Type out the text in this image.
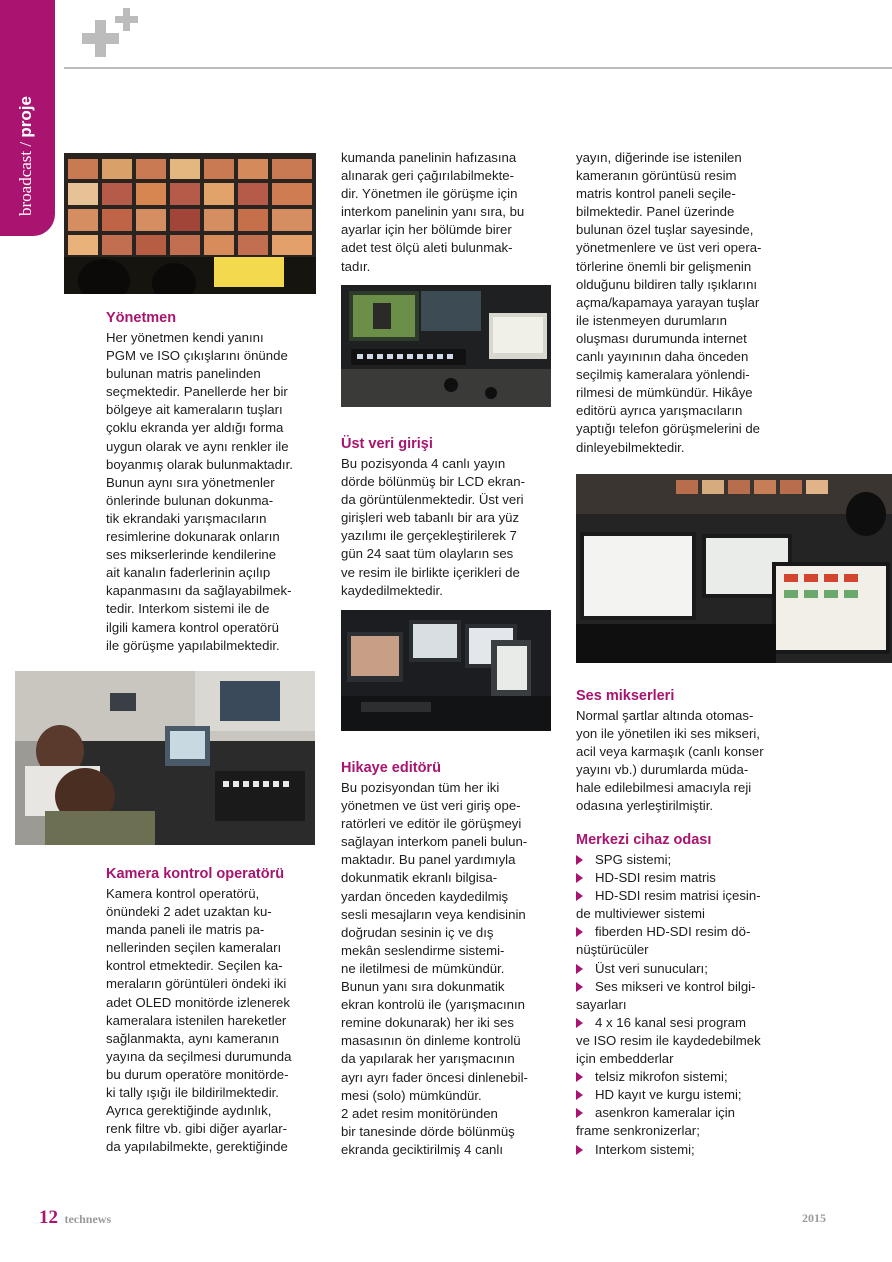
broadcast / proje
Yönetmen
Her yönetmen kendi yanını
PGM ve ISO çıkışlarını önünde
bulunan matris panelinden
seçmektedir. Panellerde her bir
bölgeye ait kameraların tuşları
çoklu ekranda yer aldığı forma
uygun olarak ve aynı renkler ile
boyanmış olarak bulunmaktadır.
Bunun aynı sıra yönetmenler
önlerinde bulunan dokunma-
tik ekrandaki yarışmacıların
resimlerine dokunarak onların
ses mikserlerinde kendilerine
ait kanalın faderlerinin açılıp
kapanmasını da sağlayabilmek-
tedir. Interkom sistemi ile de
ilgili kamera kontrol operatörü
ile görüşme yapılabilmektedir.
Kamera kontrol operatörü
Kamera kontrol operatörü,
önündeki 2 adet uzaktan ku-
manda paneli ile matris pa-
nellerinden seçilen kameraları
kontrol etmektedir. Seçilen ka-
meraların görüntüleri öndeki iki
adet OLED monitörde izlenerek
kameralara istenilen hareketler
sağlanmakta, aynı kameranın
yayına da seçilmesi durumunda
bu durum operatöre monitörde-
ki tally ışığı ile bildirilmektedir.
Ayrıca gerektiğinde aydınlık,
renk filtre vb. gibi diğer ayarlar-
da yapılabilmekte, gerektiğinde
kumanda panelinin hafızasına
alınarak geri çağırılabilmekte-
dir. Yönetmen ile görüşme için
interkom panelinin yanı sıra, bu
ayarlar için her bölümde birer
adet test ölçü aleti bulunmak-
tadır.
Üst veri girişi
Bu pozisyonda 4 canlı yayın
dörde bölünmüş bir LCD ekran-
da görüntülenmektedir. Üst veri
girişleri web tabanlı bir ara yüz
yazılımı ile gerçekleştirilerek 7
gün 24 saat tüm olayların ses
ve resim ile birlikte içerikleri de
kaydedilmektedir.
Hikaye editörü
Bu pozisyondan tüm her iki
yönetmen ve üst veri giriş ope-
ratörleri ve editör ile görüşmeyi
sağlayan interkom paneli bulun-
maktadır. Bu panel yardımıyla
dokunmatik ekranlı bilgisa-
yardan önceden kaydedilmiş
sesli mesajların veya kendisinin
doğrudan sesinin iç ve dış
mekân seslendirme sistemi-
ne iletilmesi de mümkündür.
Bunun yanı sıra dokunmatik
ekran kontrolü ile (yarışmacının
remine dokunarak) her iki ses
masasının ön dinleme kontrolü
da yapılarak her yarışmacının
ayrı ayrı fader öncesi dinlenebil-
mesi (solo) mümkündür.
2 adet resim monitöründen
bir tanesinde dörde bölünmüş
ekranda geciktirilmiş 4 canlı
yayın, diğerinde ise istenilen
kameranın görüntüsü resim
matris kontrol paneli seçile-
bilmektedir. Panel üzerinde
bulunan özel tuşlar sayesinde,
yönetmenlere ve üst veri opera-
törlerine önemli bir gelişmenin
olduğunu bildiren tally ışıklarını
açma/kapamaya yarayan tuşlar
ile istenmeyen durumların
oluşması durumunda internet
canlı yayınının daha önceden
seçilmiş kameralara yönlendi-
rilmesi de mümkündür. Hikâye
editörü ayrıca yarışmacıların
yaptığı telefon görüşmelerini de
dinleyebilmektedir.
Ses mikserleri
Normal şartlar altında otomas-
yon ile yönetilen iki ses mikseri,
acil veya karmaşık (canlı konser
yayını vb.) durumlarda müda-
hale edilebilmesi amacıyla reji
odasına yerleştirilmiştir.
Merkezi cihaz odası
SPG sistemi;
HD-SDI resim matris
HD-SDI resim matrisi içesin-
de multiviewer sistemi
fiberden HD-SDI resim dö-
nüştürücüler
Üst veri sunucuları;
Ses mikseri ve kontrol bilgi-
sayarları
4 x 16 kanal sesi program
ve ISO resim ile kaydedebilmek
için embedderlar
telsiz mikrofon sistemi;
HD kayıt ve kurgu istemi;
asenkron kameralar için
frame senkronizerlar;
Interkom sistemi;
12 technews	2015
